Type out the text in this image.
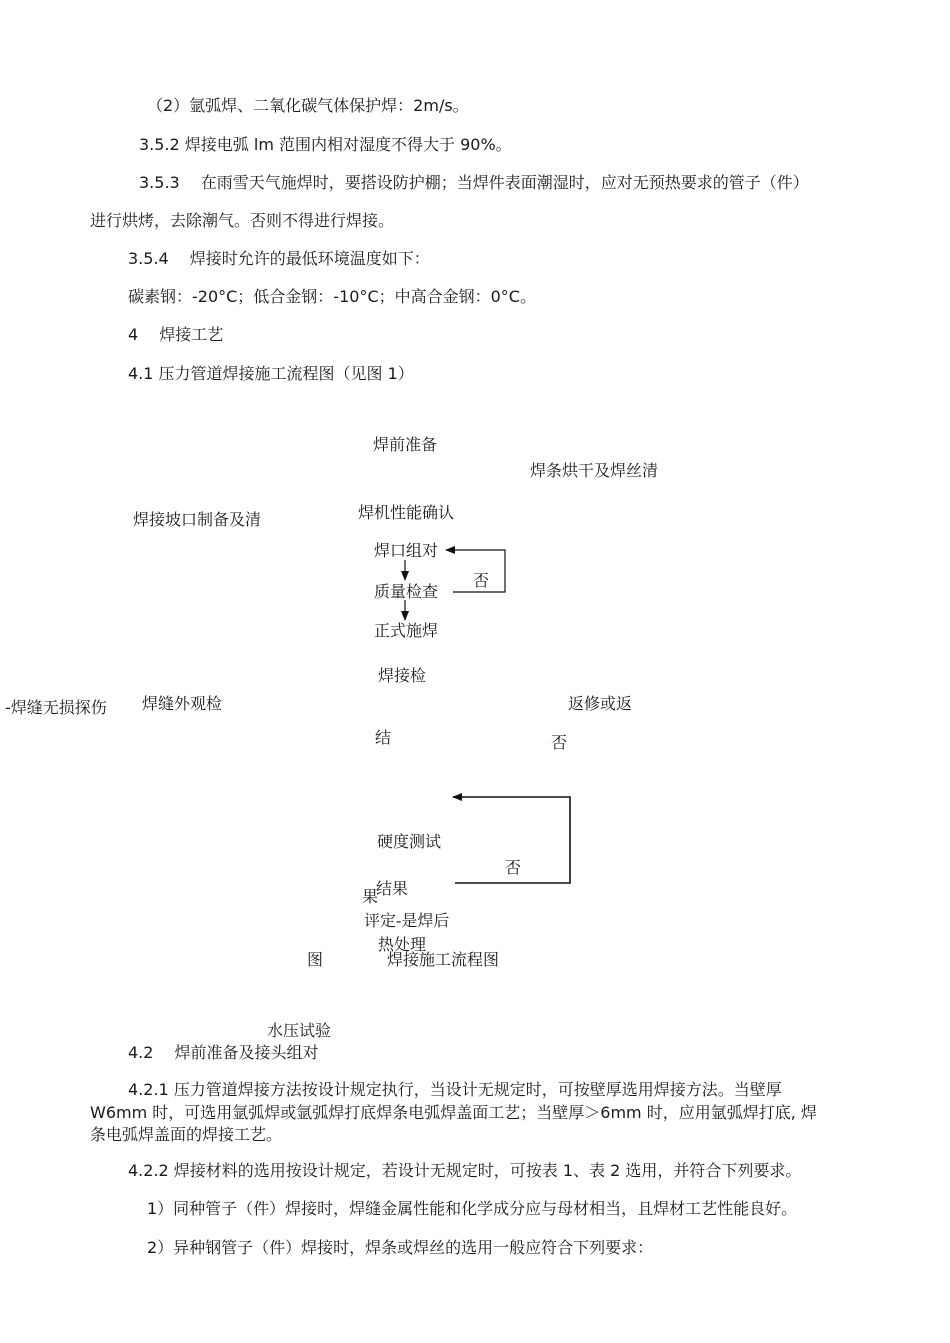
（2）氩弧焊、二氧化碳气体保护焊：2m/s。
3.5.2 焊接电弧 lm 范围内相对湿度不得大于 90%。
3.5.3　 在雨雪天气施焊时，要搭设防护棚；当焊件表面潮湿时，应对无预热要求的管子（件）
进行烘烤，去除潮气。否则不得进行焊接。
3.5.4　 焊接时允许的最低环境温度如下：
碳素钢：-20°C；低合金钢：-10°C；中高合金钢：0°C。
4　 焊接工艺
4.1 压力管道焊接施工流程图（见图 1）
焊前准备
焊条烘干及焊丝清
焊接坡口制备及清	焊机性能确认
焊口组对
质量检查
否
正式施焊
焊接检
-焊缝无损探伤	焊缝外观检	返修或返
结	否
硬度测试
否
结果
果
评定-是焊后
热处理
图	焊接施工流程图
水压试验
4.2　 焊前准备及接头组对
4.2.1 压力管道焊接方法按设计规定执行，当设计无规定时，可按壁厚选用焊接方法。当壁厚
W6mm 时，可选用氩弧焊或氩弧焊打底焊条电弧焊盖面工艺；当壁厚＞6mm 时，应用氩弧焊打底, 焊
条电弧焊盖面的焊接工艺。
4.2.2 焊接材料的选用按设计规定，若设计无规定时，可按表 1、表 2 选用，并符合下列要求。
1）同种管子（件）焊接时，焊缝金属性能和化学成分应与母材相当，且焊材工艺性能良好。
2）异种钢管子（件）焊接时，焊条或焊丝的选用一般应符合下列要求：
